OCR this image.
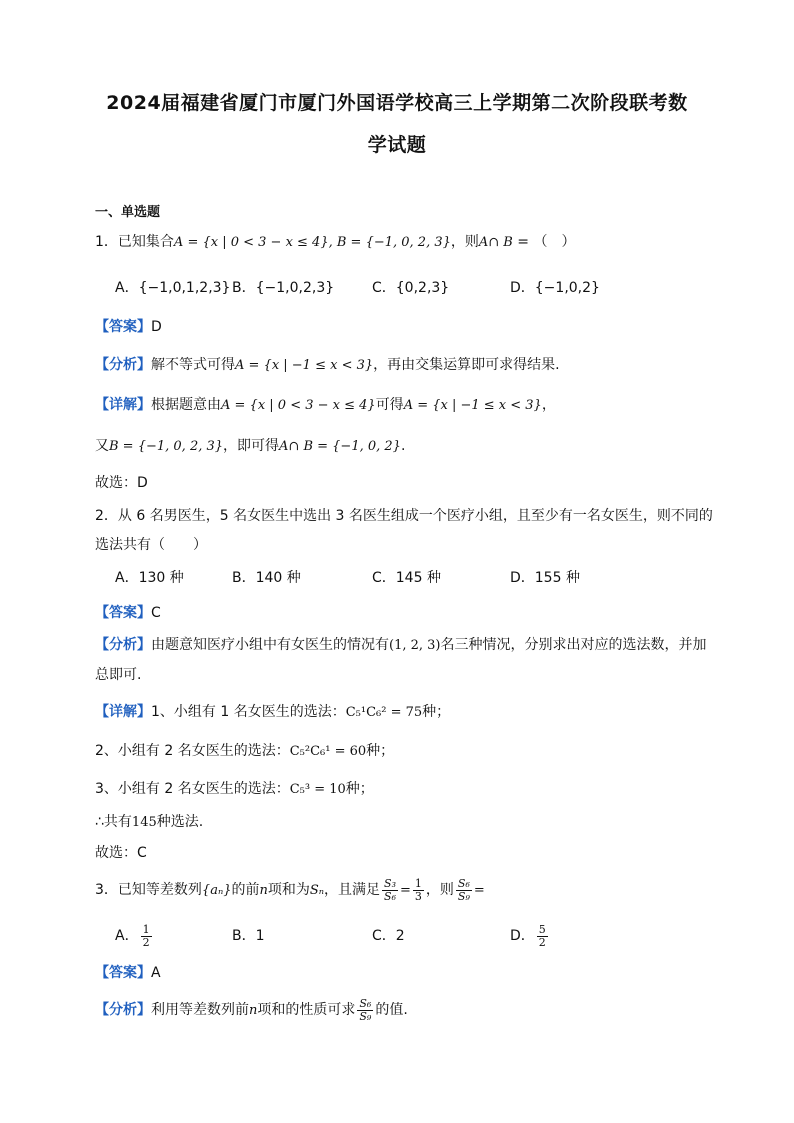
2024届福建省厦门市厦门外国语学校高三上学期第二次阶段联考数
学试题
一、单选题
1．已知集合A = {x | 0 < 3 − x ≤ 4}, B = {−1, 0, 2, 3}，则A∩ B = （　）
A．{−1,0,1,2,3} B．{−1,0,2,3}	C．{0,2,3}	D．{−1,0,2}
【答案】D
【分析】解不等式可得A = {x | −1 ≤ x < 3}，再由交集运算即可求得结果.
【详解】根据题意由A = {x | 0 < 3 − x ≤ 4}可得A = {x | −1 ≤ x < 3}，
又B = {−1, 0, 2, 3}，即可得A∩ B = {−1, 0, 2}.
故选：D
2．从 6 名男医生，5 名女医生中选出 3 名医生组成一个医疗小组，且至少有一名女医生，则不同的
选法共有（　　）
A．130 种	B．140 种	C．145 种	D．155 种
【答案】C
【分析】由题意知医疗小组中有女医生的情况有(1, 2, 3)名三种情况，分别求出对应的选法数，并加
总即可.
【详解】1、小组有 1 名女医生的选法：C₅¹C₆² = 75种；
2、小组有 2 名女医生的选法：C₅²C₆¹ = 60种；
3、小组有 2 名女医生的选法：C₅³ = 10种；
∴共有145种选法.
故选：C
3．已知等差数列{aₙ}的前n项和为Sₙ，且满足 $\frac{\text{S₃}}{\text{S₆}} = \frac{1}{3}$ ，则 $\frac{\text{S₆}}{\text{S₉}}$ =
A． $\frac{1}{2}$	B．1	C．2	D． $\frac{5}{2}$
【答案】A
【分析】利用等差数列前n项和的性质可求 $\frac{\text{S₆}}{\text{S₉}}$ 的值.
